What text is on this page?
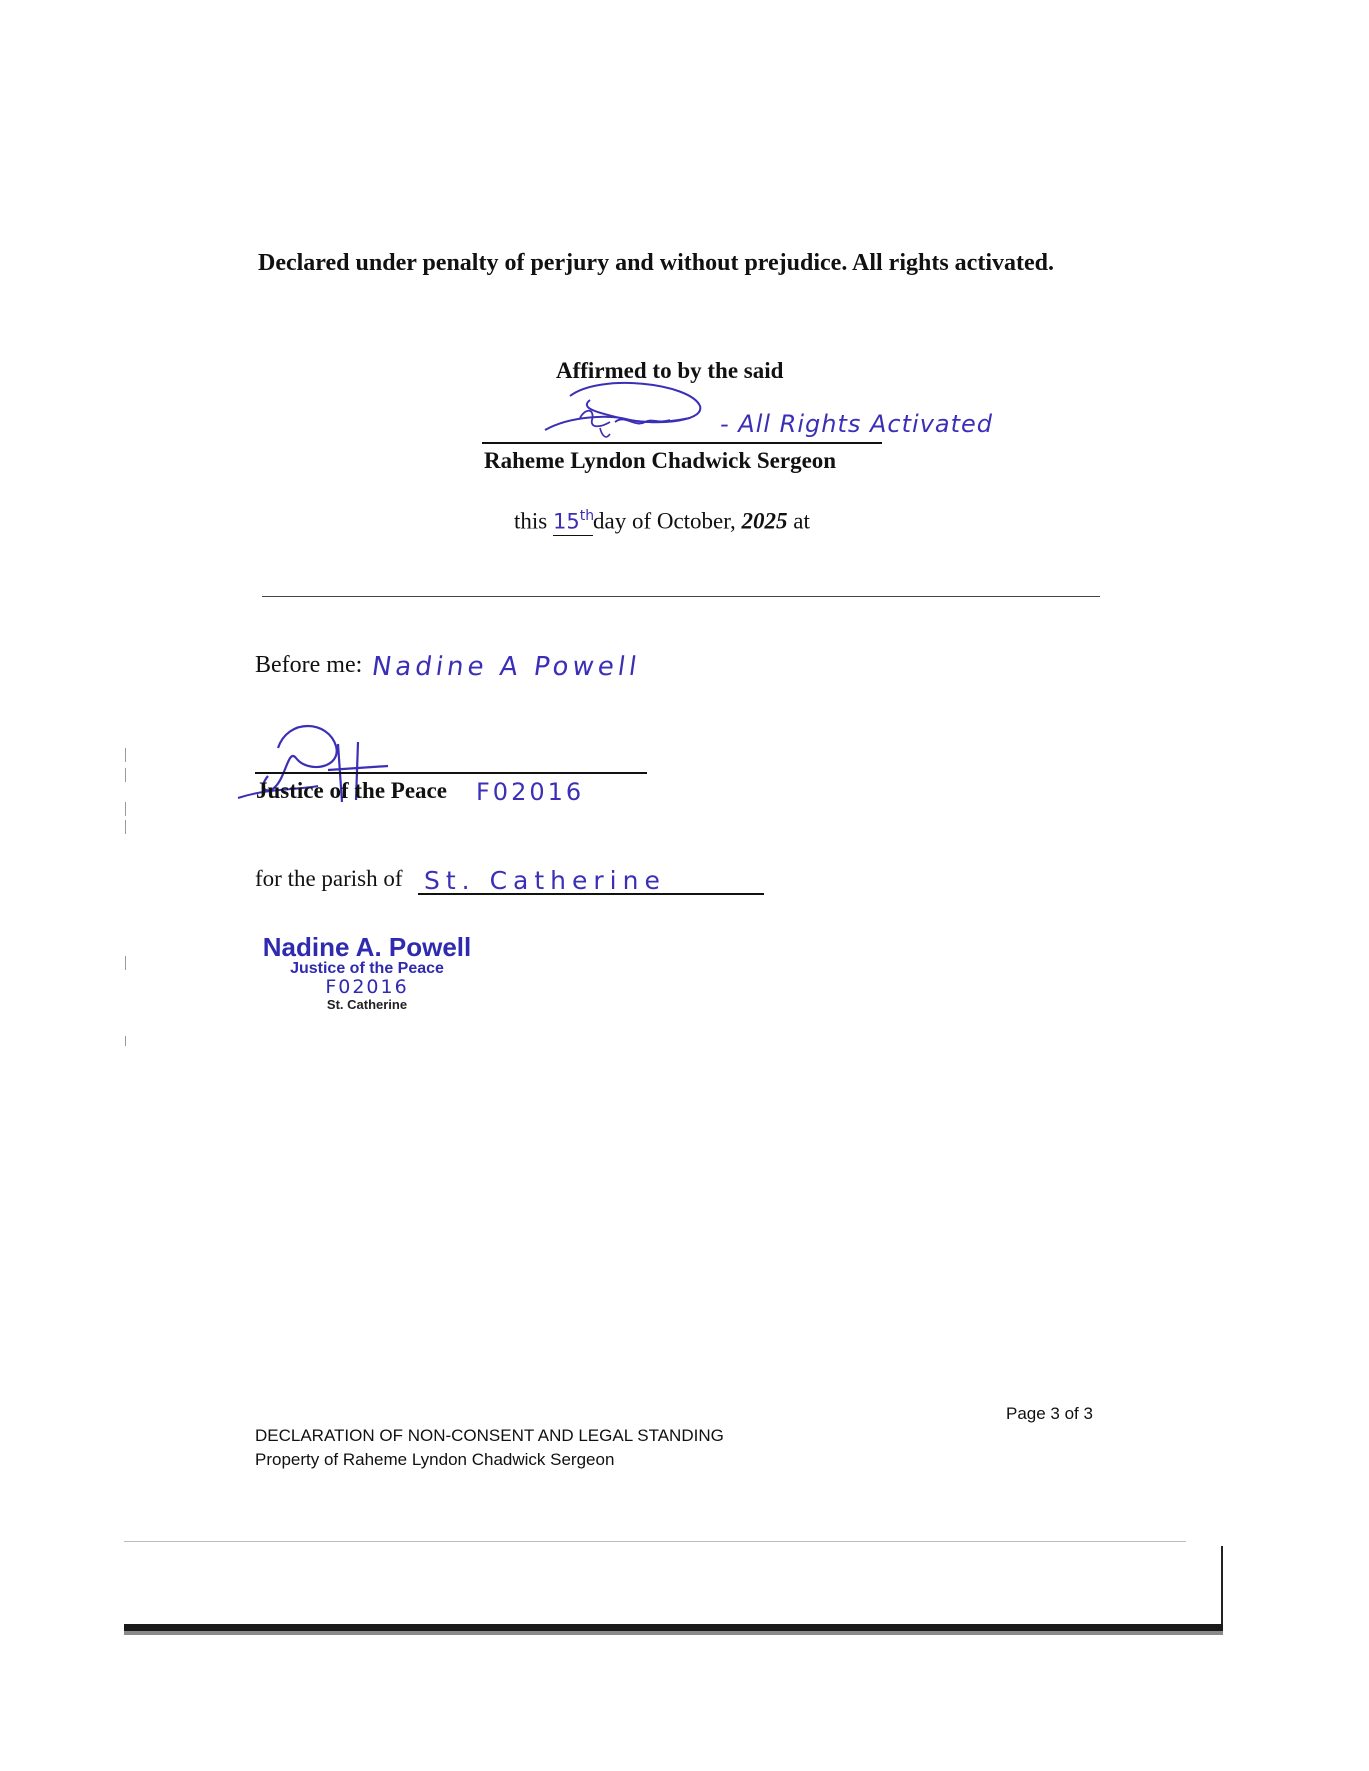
Declared under penalty of perjury and without prejudice. All rights activated.
Affirmed to by the said
- All Rights Activated
Raheme Lyndon Chadwick Sergeon
this 15thday of October, 2025 at
Before me: Nadine A Powell
Justice of the Peace F02016
for the parish of St. Catherine
Nadine A. Powell
Justice of the Peace
F02016
St. Catherine
Page 3 of 3
DECLARATION OF NON-CONSENT AND LEGAL STANDING
Property of Raheme Lyndon Chadwick Sergeon
